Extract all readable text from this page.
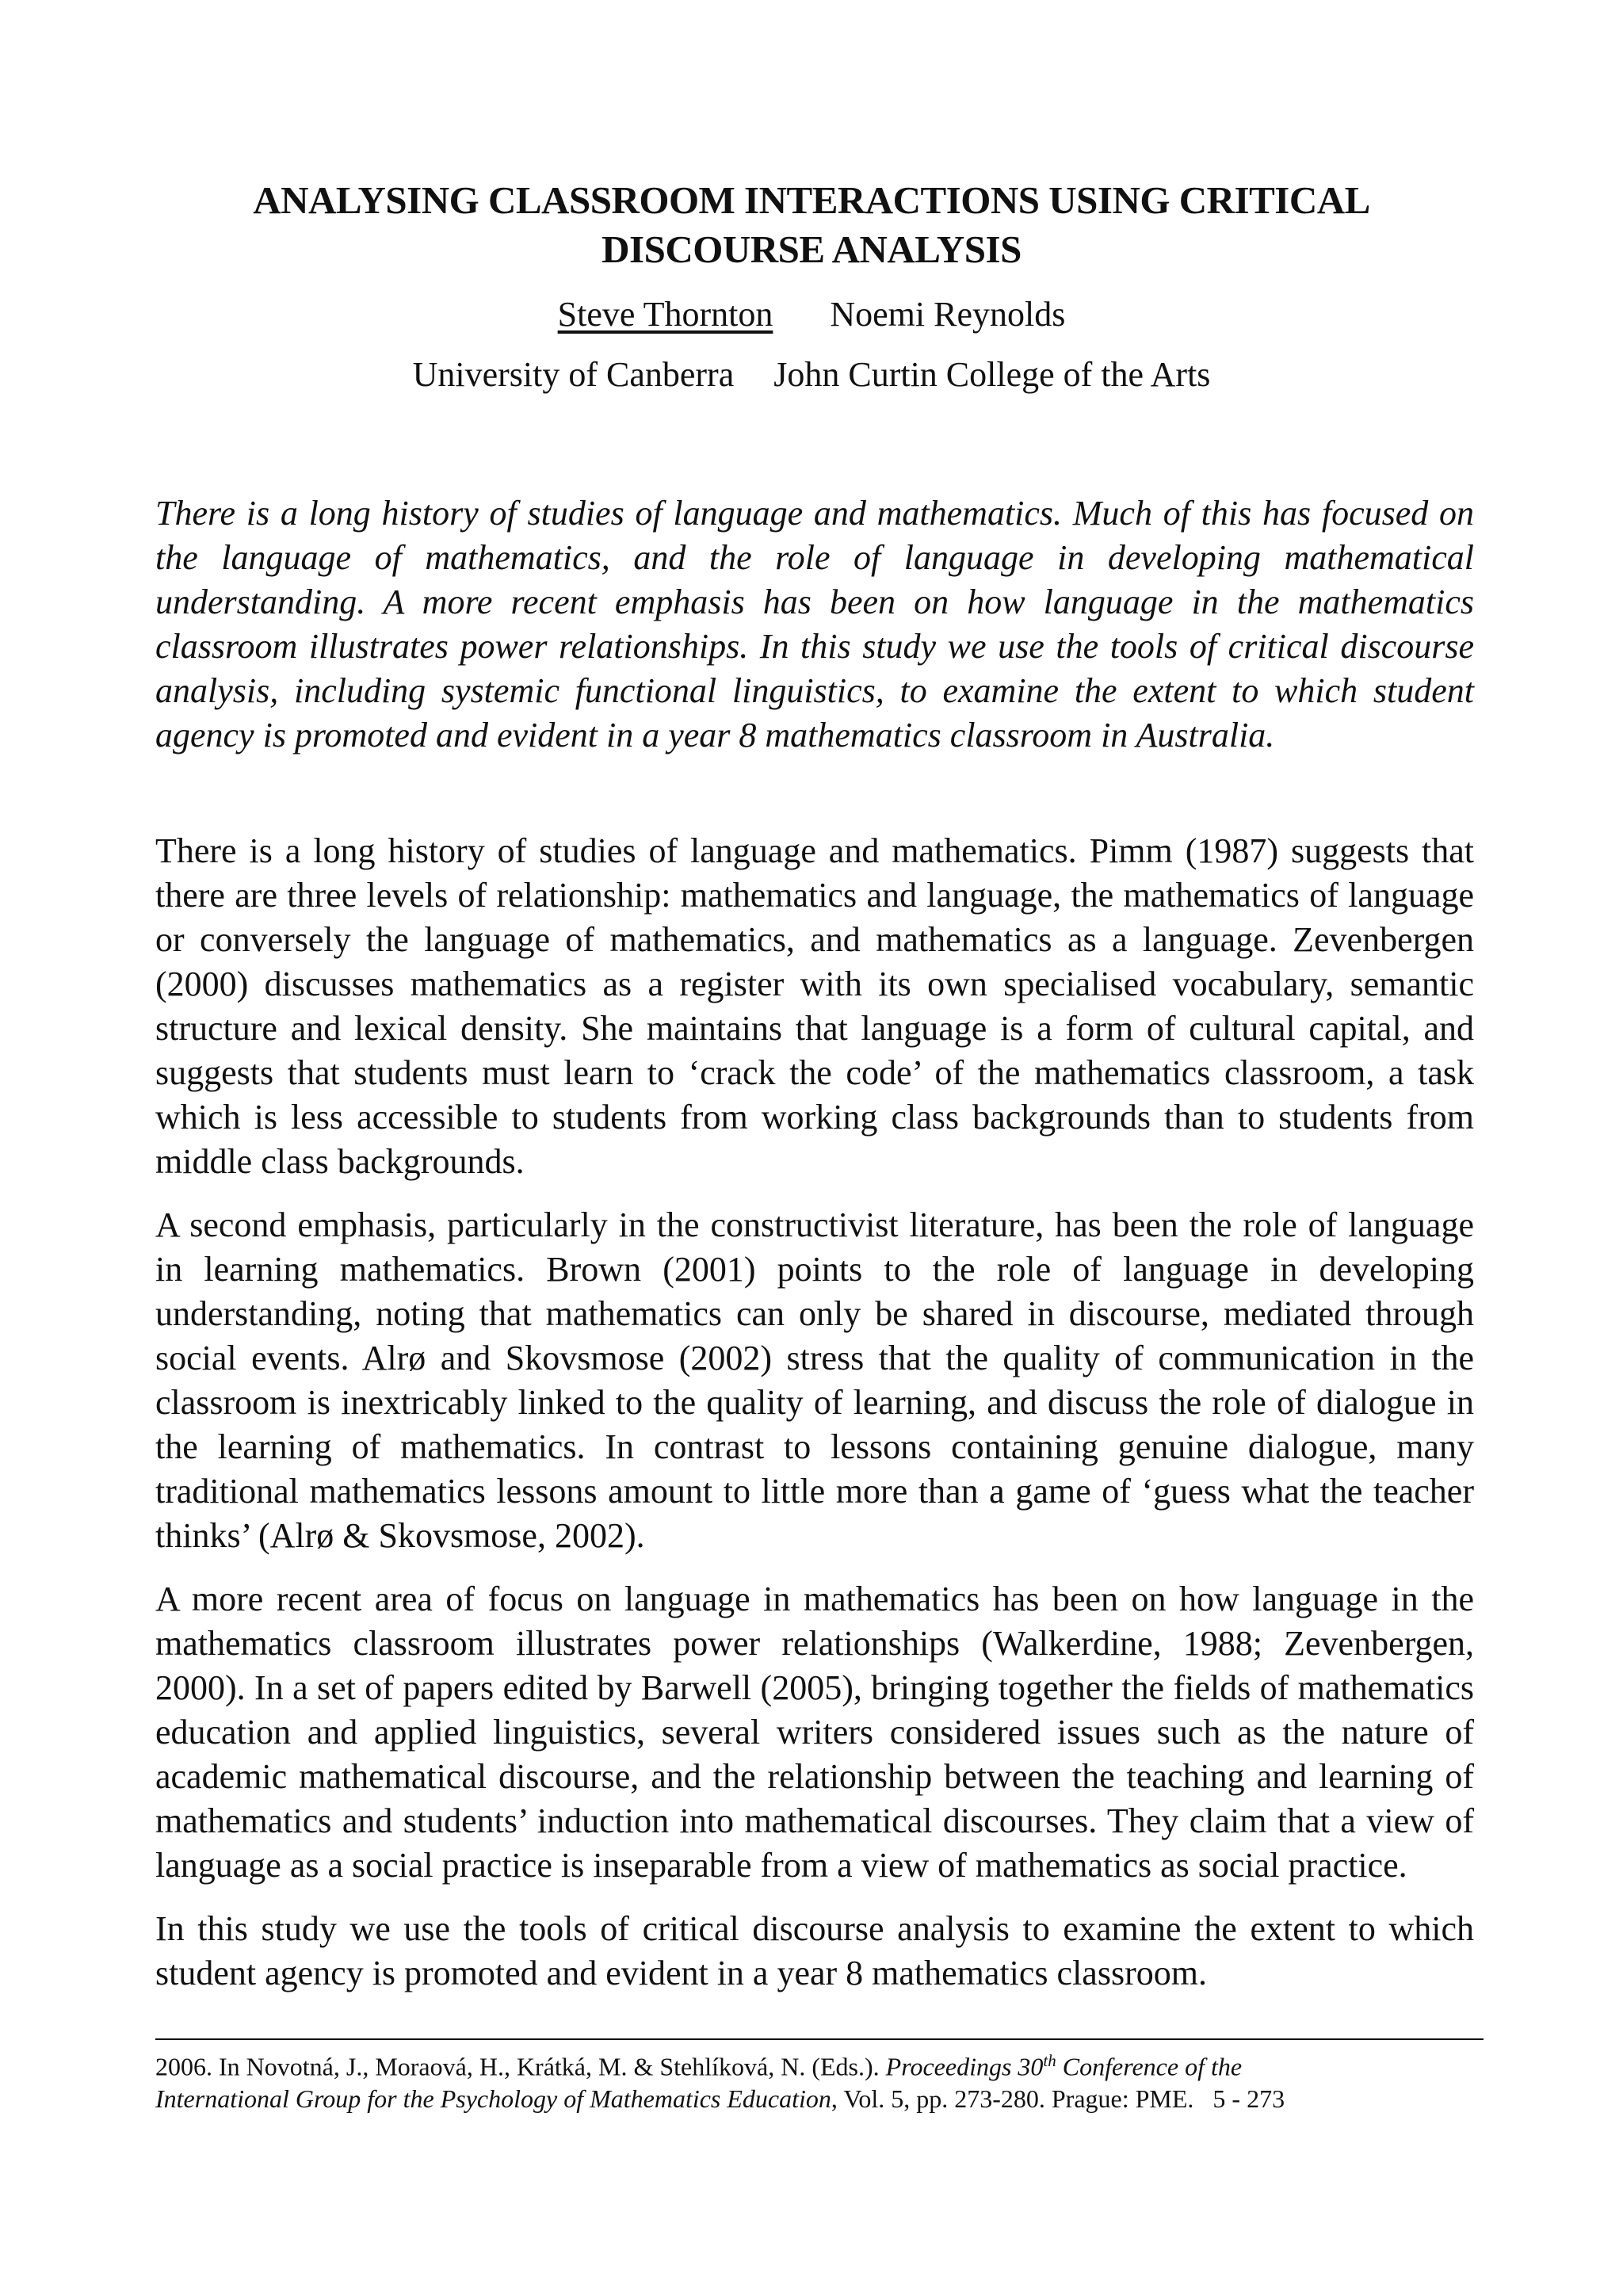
ANALYSING CLASSROOM INTERACTIONS USING CRITICAL
DISCOURSE ANALYSIS
Steve Thornton Noemi Reynolds
University of Canberra John Curtin College of the Arts

There is a long history of studies of language and mathematics. Much of this has focused on the language of mathematics, and the role of language in developing mathematical understanding. A more recent emphasis has been on how language in the mathematics classroom illustrates power relationships. In this study we use the tools of critical discourse analysis, including systemic functional linguistics, to examine the extent to which student agency is promoted and evident in a year 8 mathematics classroom in Australia.

There is a long history of studies of language and mathematics. Pimm (1987) suggests that there are three levels of relationship: mathematics and language, the mathematics of language or conversely the language of mathematics, and mathematics as a language. Zevenbergen (2000) discusses mathematics as a register with its own specialised vocabulary, semantic structure and lexical density. She maintains that language is a form of cultural capital, and suggests that students must learn to ‘crack the code’ of the mathematics classroom, a task which is less accessible to students from working class backgrounds than to students from middle class backgrounds.

A second emphasis, particularly in the constructivist literature, has been the role of language in learning mathematics. Brown (2001) points to the role of language in developing understanding, noting that mathematics can only be shared in discourse, mediated through social events. Alrø and Skovsmose (2002) stress that the quality of communication in the classroom is inextricably linked to the quality of learning, and discuss the role of dialogue in the learning of mathematics. In contrast to lessons containing genuine dialogue, many traditional mathematics lessons amount to little more than a game of ‘guess what the teacher thinks’ (Alrø & Skovsmose, 2002).

A more recent area of focus on language in mathematics has been on how language in the mathematics classroom illustrates power relationships (Walkerdine, 1988; Zevenbergen, 2000). In a set of papers edited by Barwell (2005), bringing together the fields of mathematics education and applied linguistics, several writers considered issues such as the nature of academic mathematical discourse, and the relationship between the teaching and learning of mathematics and students’ induction into mathematical discourses. They claim that a view of language as a social practice is inseparable from a view of mathematics as social practice.

In this study we use the tools of critical discourse analysis to examine the extent to which student agency is promoted and evident in a year 8 mathematics classroom.

2006. In Novotná, J., Moraová, H., Krátká, M. & Stehlíková, N. (Eds.). Proceedings 30th Conference of the
International Group for the Psychology of Mathematics Education, Vol. 5, pp. 273-280. Prague: PME. 5 - 273
